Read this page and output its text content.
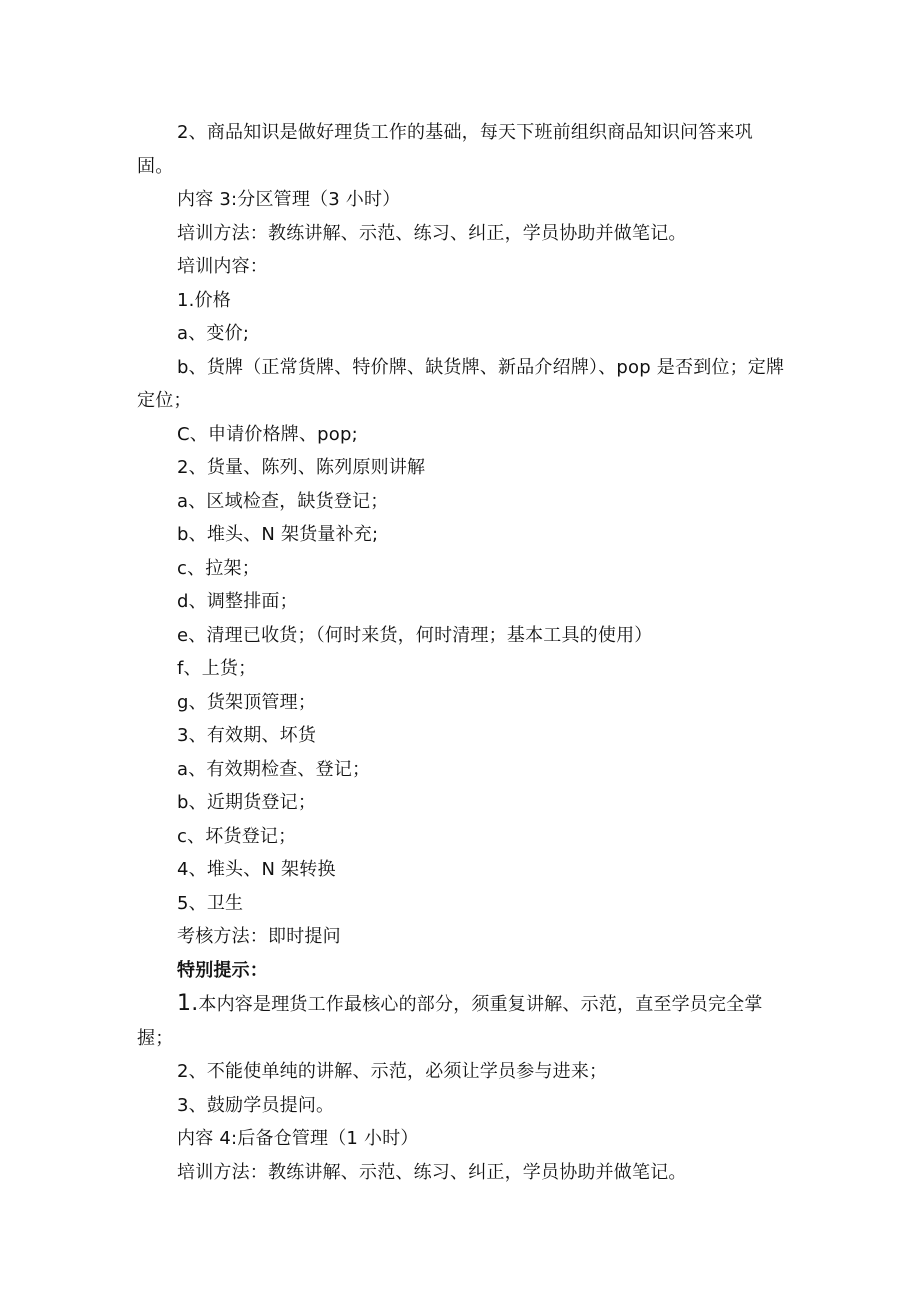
2、商品知识是做好理货工作的基础，每天下班前组织商品知识问答来巩固。
内容 3:分区管理（3 小时）
培训方法：教练讲解、示范、练习、纠正，学员协助并做笔记。
培训内容：
1.价格
a、变价;
b、货牌（正常货牌、特价牌、缺货牌、新品介绍牌）、pop 是否到位；定牌定位；
C、申请价格牌、pop;
2、货量、陈列、陈列原则讲解
a、区域检查，缺货登记；
b、堆头、N 架货量补充;
c、拉架；
d、调整排面；
e、清理已收货；（何时来货，何时清理；基本工具的使用）
f、上货；
g、货架顶管理；
3、有效期、坏货
a、有效期检查、登记；
b、近期货登记；
c、坏货登记；
4、堆头、N 架转换
5、卫生
考核方法：即时提问
特别提示：
1.本内容是理货工作最核心的部分，须重复讲解、示范，直至学员完全掌握；
2、不能使单纯的讲解、示范，必须让学员参与进来；
3、鼓励学员提问。
内容 4:后备仓管理（1 小时）
培训方法：教练讲解、示范、练习、纠正，学员协助并做笔记。
